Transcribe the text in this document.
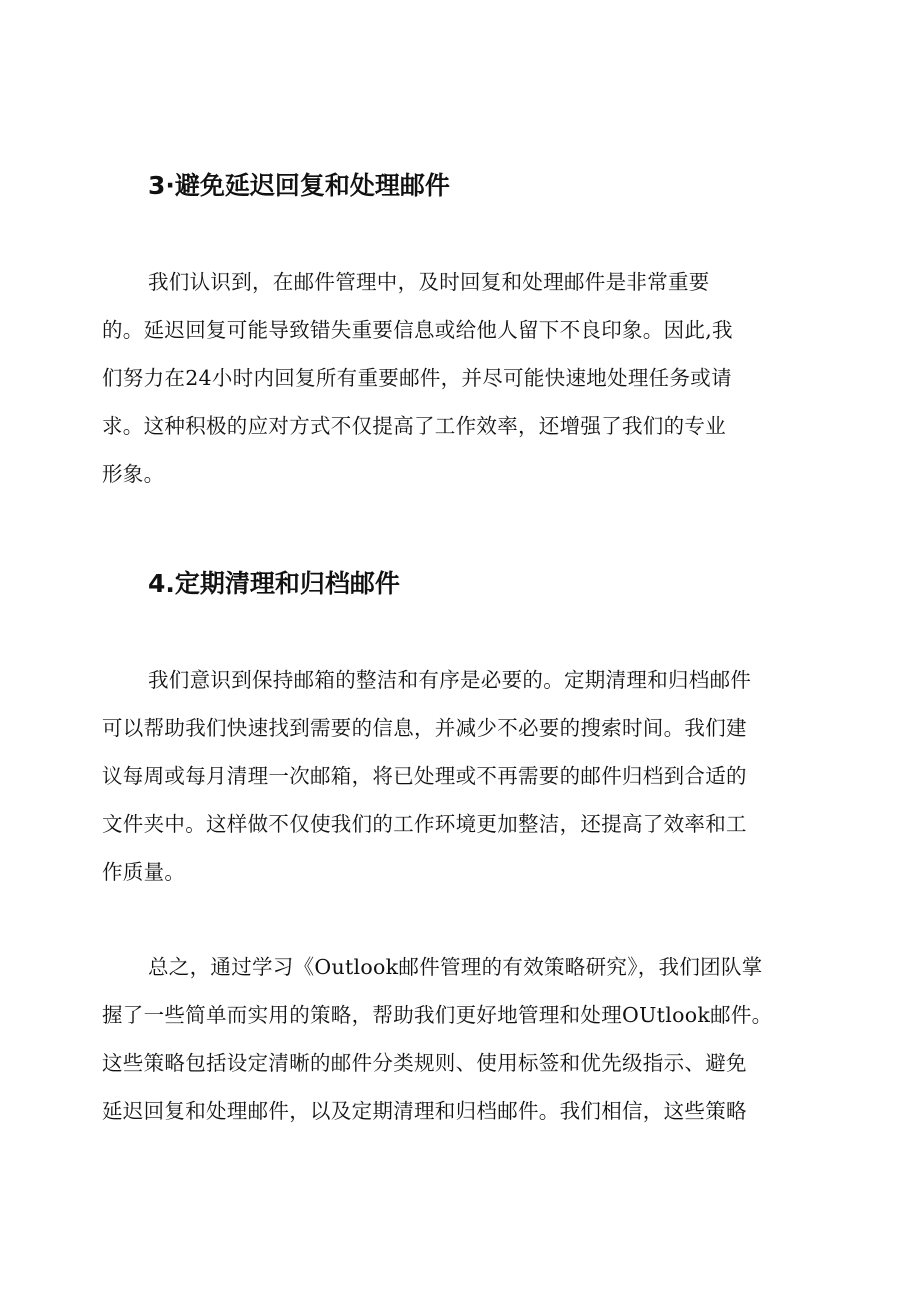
3·避免延迟回复和处理邮件
我们认识到，在邮件管理中，及时回复和处理邮件是非常重要
的。延迟回复可能导致错失重要信息或给他人留下不良印象。因此,我
们努力在24小时内回复所有重要邮件，并尽可能快速地处理任务或请
求。这种积极的应对方式不仅提高了工作效率，还增强了我们的专业
形象。
4.定期清理和归档邮件
我们意识到保持邮箱的整洁和有序是必要的。定期清理和归档邮件
可以帮助我们快速找到需要的信息，并减少不必要的搜索时间。我们建
议每周或每月清理一次邮箱，将已处理或不再需要的邮件归档到合适的
文件夹中。这样做不仅使我们的工作环境更加整洁，还提高了效率和工
作质量。
总之，通过学习《Outlook邮件管理的有效策略研究》，我们团队掌
握了一些简单而实用的策略，帮助我们更好地管理和处理OUtlook邮件。
这些策略包括设定清晰的邮件分类规则、使用标签和优先级指示、避免
延迟回复和处理邮件，以及定期清理和归档邮件。我们相信，这些策略
